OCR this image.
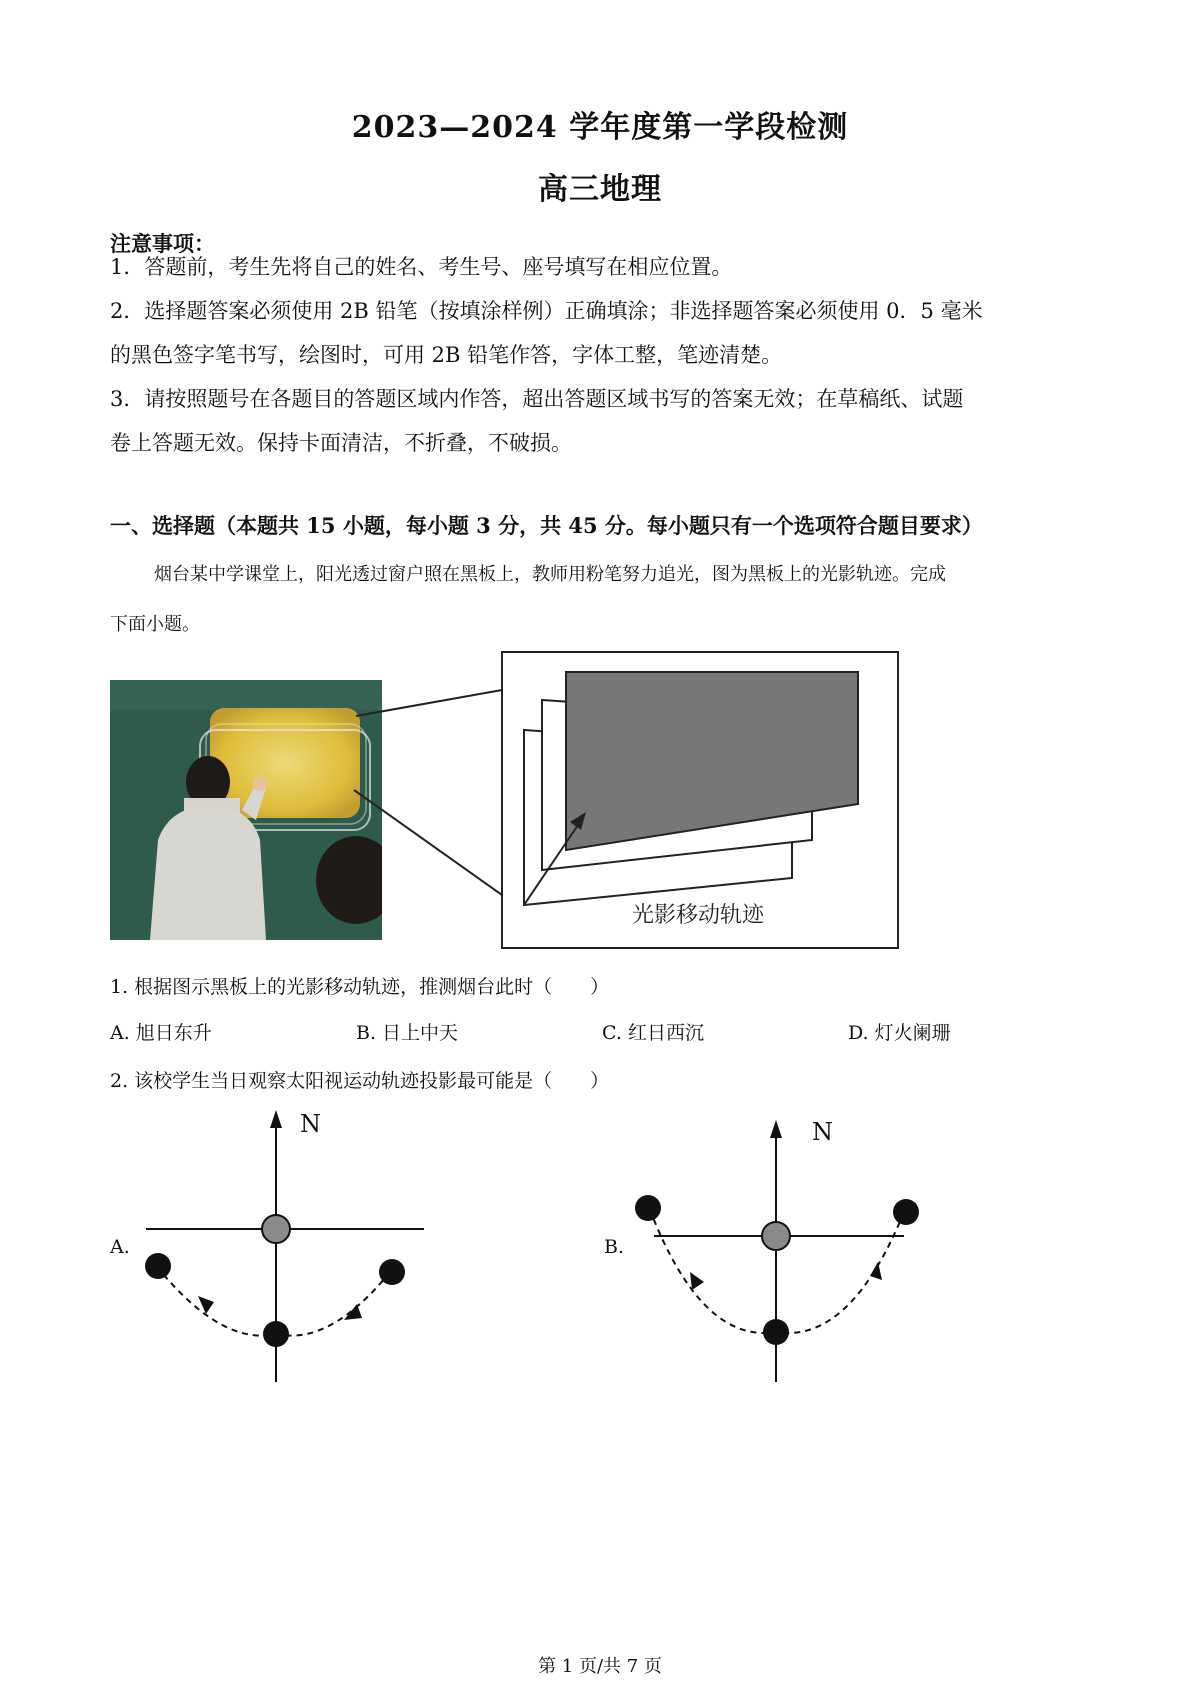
2023—2024 学年度第一学段检测
高三地理
注意事项：
1．答题前，考生先将自己的姓名、考生号、座号填写在相应位置。
2．选择题答案必须使用 2B 铅笔（按填涂样例）正确填涂；非选择题答案必须使用 0．5 毫米
的黑色签字笔书写，绘图时，可用 2B 铅笔作答，字体工整，笔迹清楚。
3．请按照题号在各题目的答题区域内作答，超出答题区域书写的答案无效；在草稿纸、试题
卷上答题无效。保持卡面清洁，不折叠，不破损。
一、选择题（本题共 15 小题，每小题 3 分，共 45 分。每小题只有一个选项符合题目要求）
烟台某中学课堂上，阳光透过窗户照在黑板上，教师用粉笔努力追光，图为黑板上的光影轨迹。完成
下面小题。
光影移动轨迹
1. 根据图示黑板上的光影移动轨迹，推测烟台此时（　　）
A. 旭日东升	B. 日上中天	C. 红日西沉	D. 灯火阑珊
2. 该校学生当日观察太阳视运动轨迹投影最可能是（　　）
N
A.
N
B.
第 1 页/共 7 页
